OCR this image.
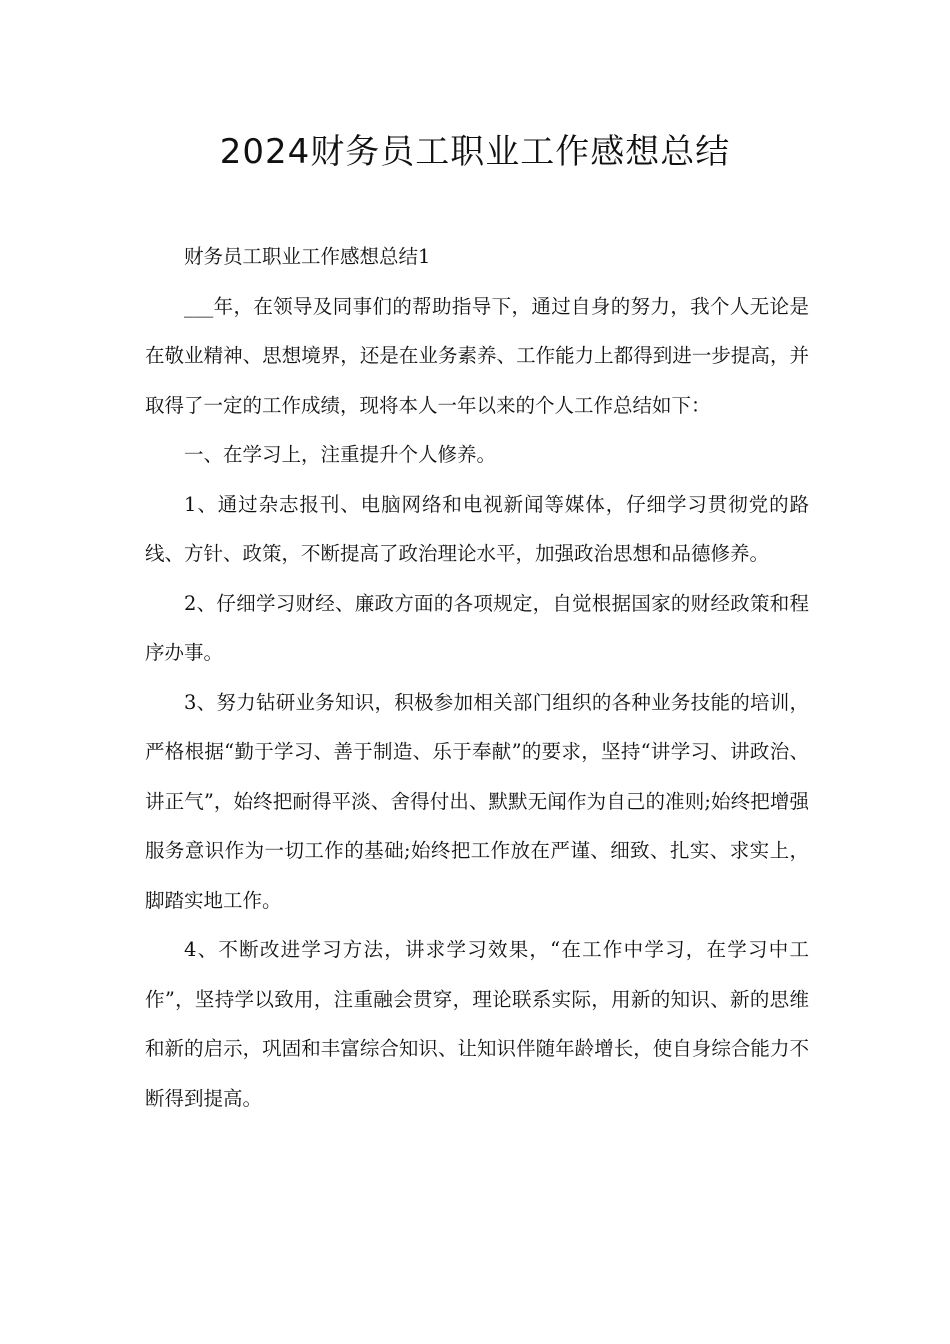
2024财务员工职业工作感想总结

财务员工职业工作感想总结1

___年，在领导及同事们的帮助指导下，通过自身的努力，我个人无论是在敬业精神、思想境界，还是在业务素养、工作能力上都得到进一步提高，并取得了一定的工作成绩，现将本人一年以来的个人工作总结如下：

一、在学习上，注重提升个人修养。

1、通过杂志报刊、电脑网络和电视新闻等媒体，仔细学习贯彻党的路线、方针、政策，不断提高了政治理论水平，加强政治思想和品德修养。

2、仔细学习财经、廉政方面的各项规定，自觉根据国家的财经政策和程序办事。

3、努力钻研业务知识，积极参加相关部门组织的各种业务技能的培训，严格根据“勤于学习、善于制造、乐于奉献”的要求，坚持“讲学习、讲政治、讲正气”，始终把耐得平淡、舍得付出、默默无闻作为自己的准则;始终把增强服务意识作为一切工作的基础;始终把工作放在严谨、细致、扎实、求实上，脚踏实地工作。

4、不断改进学习方法，讲求学习效果，“在工作中学习，在学习中工作”，坚持学以致用，注重融会贯穿，理论联系实际，用新的知识、新的思维和新的启示，巩固和丰富综合知识、让知识伴随年龄增长，使自身综合能力不断得到提高。
